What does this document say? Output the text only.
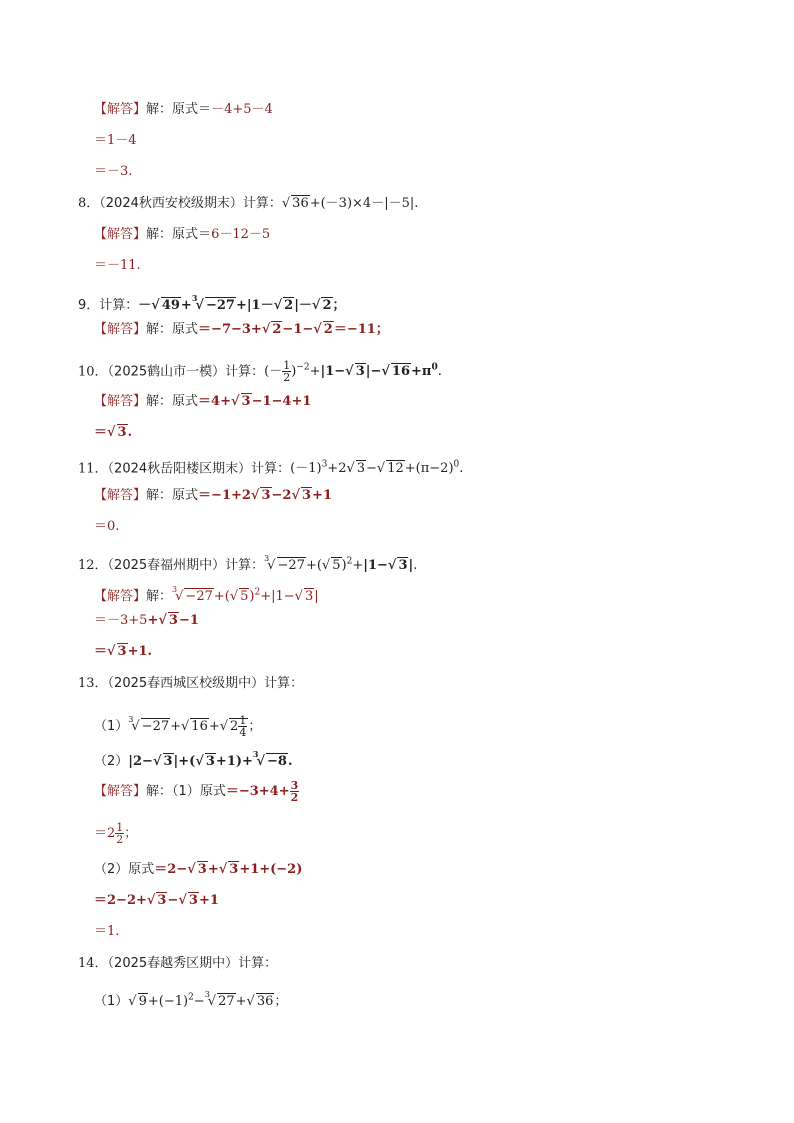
【解答】解：原式＝－4+5－4
＝1－4
＝－3.
8．（2024秋西安校级期末）计算：√ 36+(－3)×4－|－5|.
【解答】解：原式＝6－12－5
＝－11.
9．计算：－√ 49+$^3$√ −27+|1－√ 2|－√ 2；
【解答】解：原式＝−7−3+√ 2−1−√ 2＝−11；
10．（2025鹤山市一模）计算：(－ $\frac{1}{2} )^{-2}+|1-√$ 3|−√ $16+\pi^0$.
【解答】解：原式＝4+√ 3−1−4+1
＝√ 3.
11．（2024秋岳阳楼区期末）计算：$(-1)^3+2√$ 3−√ $12+(\pi-2)^0$.
【解答】解：原式＝−1+2√ 3−2√ 3+1
＝0.
12．（2025春福州期中）计算：$^3$√ −27+(√ 5)$^2$+|1−√ 3|.
【解答】解：$^3$√ −27+(√ 5)$^2$+|1−√ 3|
＝－3+5+√ 3−1
＝√ 3+1.
13．（2025春西城区校级期中）计算：
$(1)^3√ -27+√$ 16+√ $2 \frac{1}{4}$ ；
（2）|2−√ 3|+(√ 3+1)+$^3$√ −8.
【解答】解：（1）原式$=-3+4+ \frac{3}{2}$
$=2 \frac{1}{2}$ ；
（2）原式＝2−√ 3+√ 3+1+(−2)
＝2−2+√ 3−√ 3+1
＝1.
14．（2025春越秀区期中）计算：
（1）√ $9+(-1)^2-^3√$ 27+√ 36；
